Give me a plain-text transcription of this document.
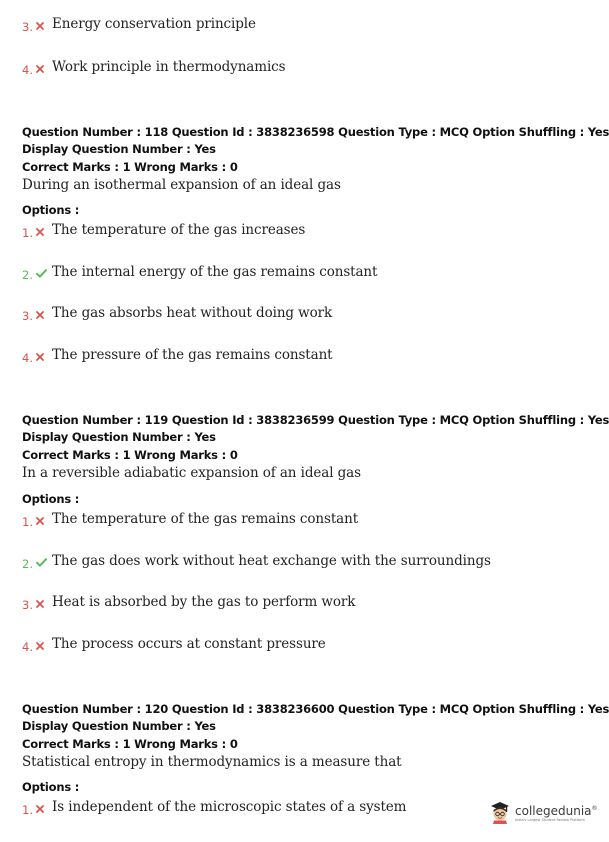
3. Energy conservation principle
4. Work principle in thermodynamics
Question Number : 118 Question Id : 3838236598 Question Type : MCQ Option Shuffling : Yes
Display Question Number : Yes
Correct Marks : 1 Wrong Marks : 0
During an isothermal expansion of an ideal gas
Options :
1. The temperature of the gas increases
2. The internal energy of the gas remains constant
3. The gas absorbs heat without doing work
4. The pressure of the gas remains constant
Question Number : 119 Question Id : 3838236599 Question Type : MCQ Option Shuffling : Yes
Display Question Number : Yes
Correct Marks : 1 Wrong Marks : 0
In a reversible adiabatic expansion of an ideal gas
Options :
1. The temperature of the gas remains constant
2. The gas does work without heat exchange with the surroundings
3. Heat is absorbed by the gas to perform work
4. The process occurs at constant pressure
Question Number : 120 Question Id : 3838236600 Question Type : MCQ Option Shuffling : Yes
Display Question Number : Yes
Correct Marks : 1 Wrong Marks : 0
Statistical entropy in thermodynamics is a measure that
Options :
1. Is independent of the microscopic states of a system	collegedunia®
India's Largest Student Review Platform
